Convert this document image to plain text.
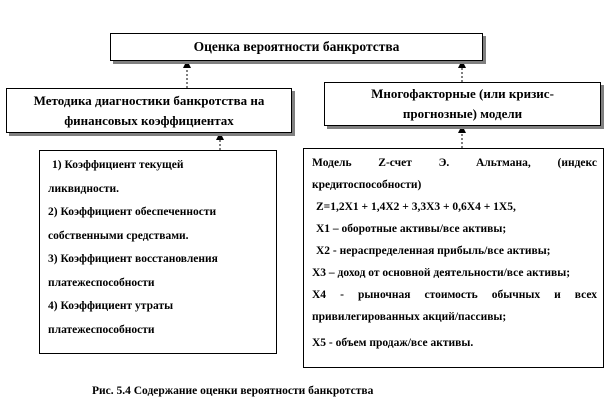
Оценка вероятности банкротства
Методика диагностики банкротства на
финансовых коэффициентах
Многофакторные (или кризис-
прогнозные) модели
1) Коэффициент текущей
ликвидности.
2) Коэффициент обеспеченности
собственными средствами.
3) Коэффициент восстановления
платежеспособности
4) Коэффициент утраты
платежеспособности
Модель Z-счет Э. Альтмана, (индекс
кредитоспособности)
Z=1,2X1 + 1,4X2 + 3,3X3 + 0,6X4 + 1X5,
X1 – оборотные активы/все активы;
X2 - нераспределенная прибыль/все активы;
X3 – доход от основной деятельности/все активы;
X4 - рыночная стоимость обычных и всех
привилегированных акций/пассивы;
X5 - объем продаж/все активы.
Рис. 5.4 Содержание оценки вероятности банкротства
